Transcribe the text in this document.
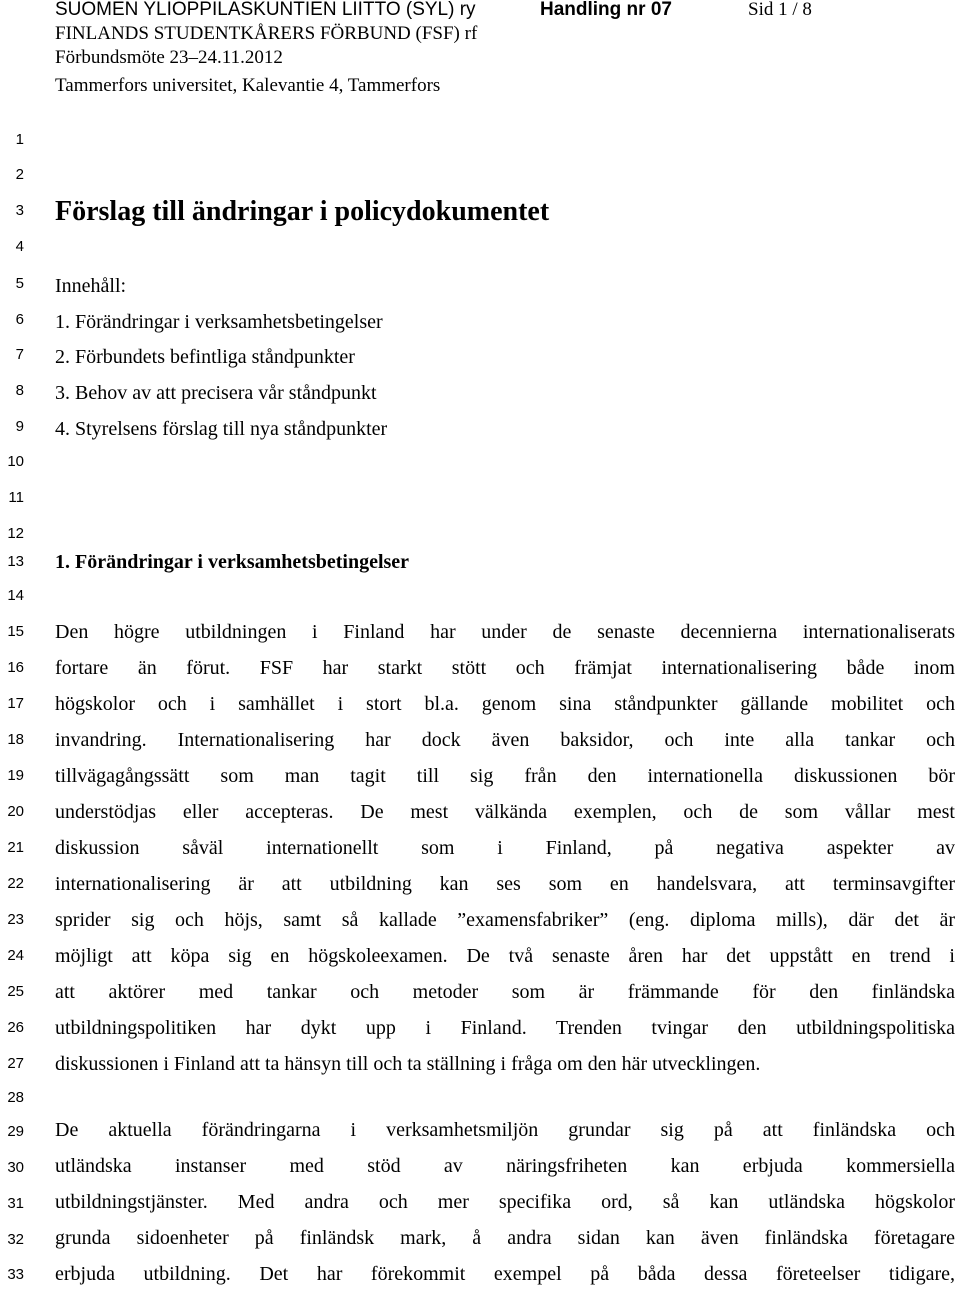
SUOMEN YLIOPPILASKUNTIEN LIITTO (SYL) ry	Handling nr 07	Sid 1 / 8
FINLANDS STUDENTKÅRERS FÖRBUND (FSF) rf
Förbundsmöte 23–24.11.2012
Tammerfors universitet, Kalevantie 4, Tammerfors
1
2
3
4
5
6
7
8
9
10
11
12
13
14
15
16
17
18
19
20
21
22
23
24
25
26
27
28
29
30
31
32
33
Förslag till ändringar i policydokumentet
Innehåll:
1. Förändringar i verksamhetsbetingelser
2. Förbundets befintliga ståndpunkter
3. Behov av att precisera vår ståndpunkt
4. Styrelsens förslag till nya ståndpunkter
1. Förändringar i verksamhetsbetingelser
Den högre utbildningen i Finland har under de senaste decennierna internationaliserats
fortare än förut. FSF har starkt stött och främjat internationalisering både inom
högskolor och i samhället i stort bl.a. genom sina ståndpunkter gällande mobilitet och
invandring. Internationalisering har dock även baksidor, och inte alla tankar och
tillvägagångssätt som man tagit till sig från den internationella diskussionen bör
understödjas eller accepteras. De mest välkända exemplen, och de som vållar mest
diskussion såväl internationellt som i Finland, på negativa aspekter av
internationalisering är att utbildning kan ses som en handelsvara, att terminsavgifter
sprider sig och höjs, samt så kallade ”examensfabriker” (eng. diploma mills), där det är
möjligt att köpa sig en högskoleexamen. De två senaste åren har det uppstått en trend i
att aktörer med tankar och metoder som är främmande för den finländska
utbildningspolitiken har dykt upp i Finland. Trenden tvingar den utbildningspolitiska
diskussionen i Finland att ta hänsyn till och ta ställning i fråga om den här utvecklingen.
De aktuella förändringarna i verksamhetsmiljön grundar sig på att finländska och
utländska instanser med stöd av näringsfriheten kan erbjuda kommersiella
utbildningstjänster. Med andra och mer specifika ord, så kan utländska högskolor
grunda sidoenheter på finländsk mark, å andra sidan kan även finländska företagare
erbjuda utbildning. Det har förekommit exempel på båda dessa företeelser tidigare,
